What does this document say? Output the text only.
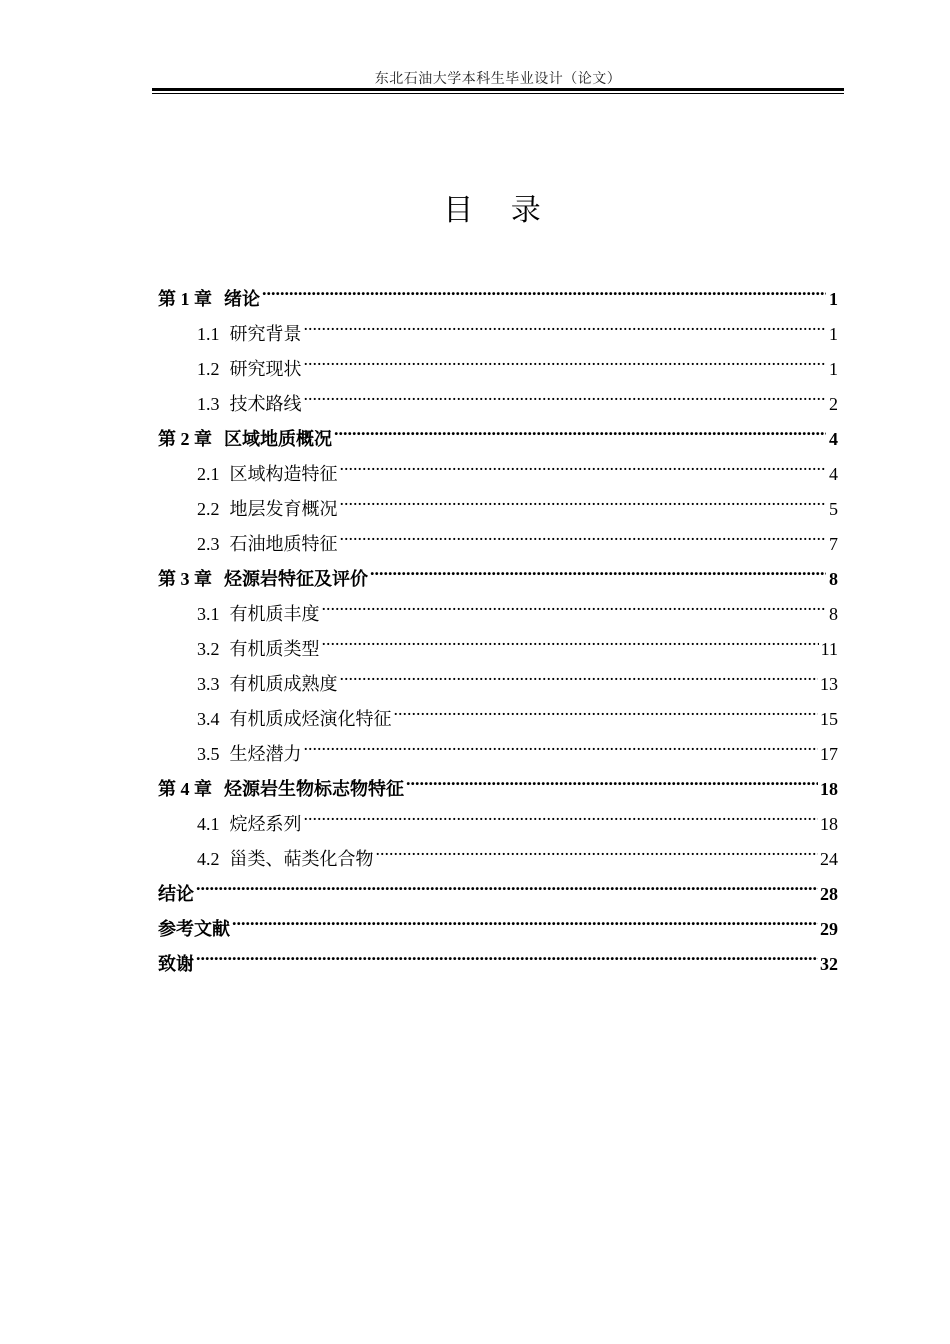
东北石油大学本科生毕业设计（论文）
目 录
第 1 章 绪论 .....	1
1.1 研究背景 .....	1
1.2 研究现状 .....	1
1.3 技术路线 .....	2
第 2 章 区域地质概况 .....	4
2.1 区域构造特征 .....	4
2.2 地层发育概况 .....	5
2.3 石油地质特征 .....	7
第 3 章 烃源岩特征及评价 .....	8
3.1 有机质丰度 .....	8
3.2 有机质类型 .....	11
3.3 有机质成熟度 .....	13
3.4 有机质成烃演化特征 .....	15
3.5 生烃潜力 .....	17
第 4 章 烃源岩生物标志物特征 .....	18
4.1 烷烃系列 .....	18
4.2 甾类、萜类化合物 .....	24
结论 .....	28
参考文献 .....	29
致谢 .....	32
